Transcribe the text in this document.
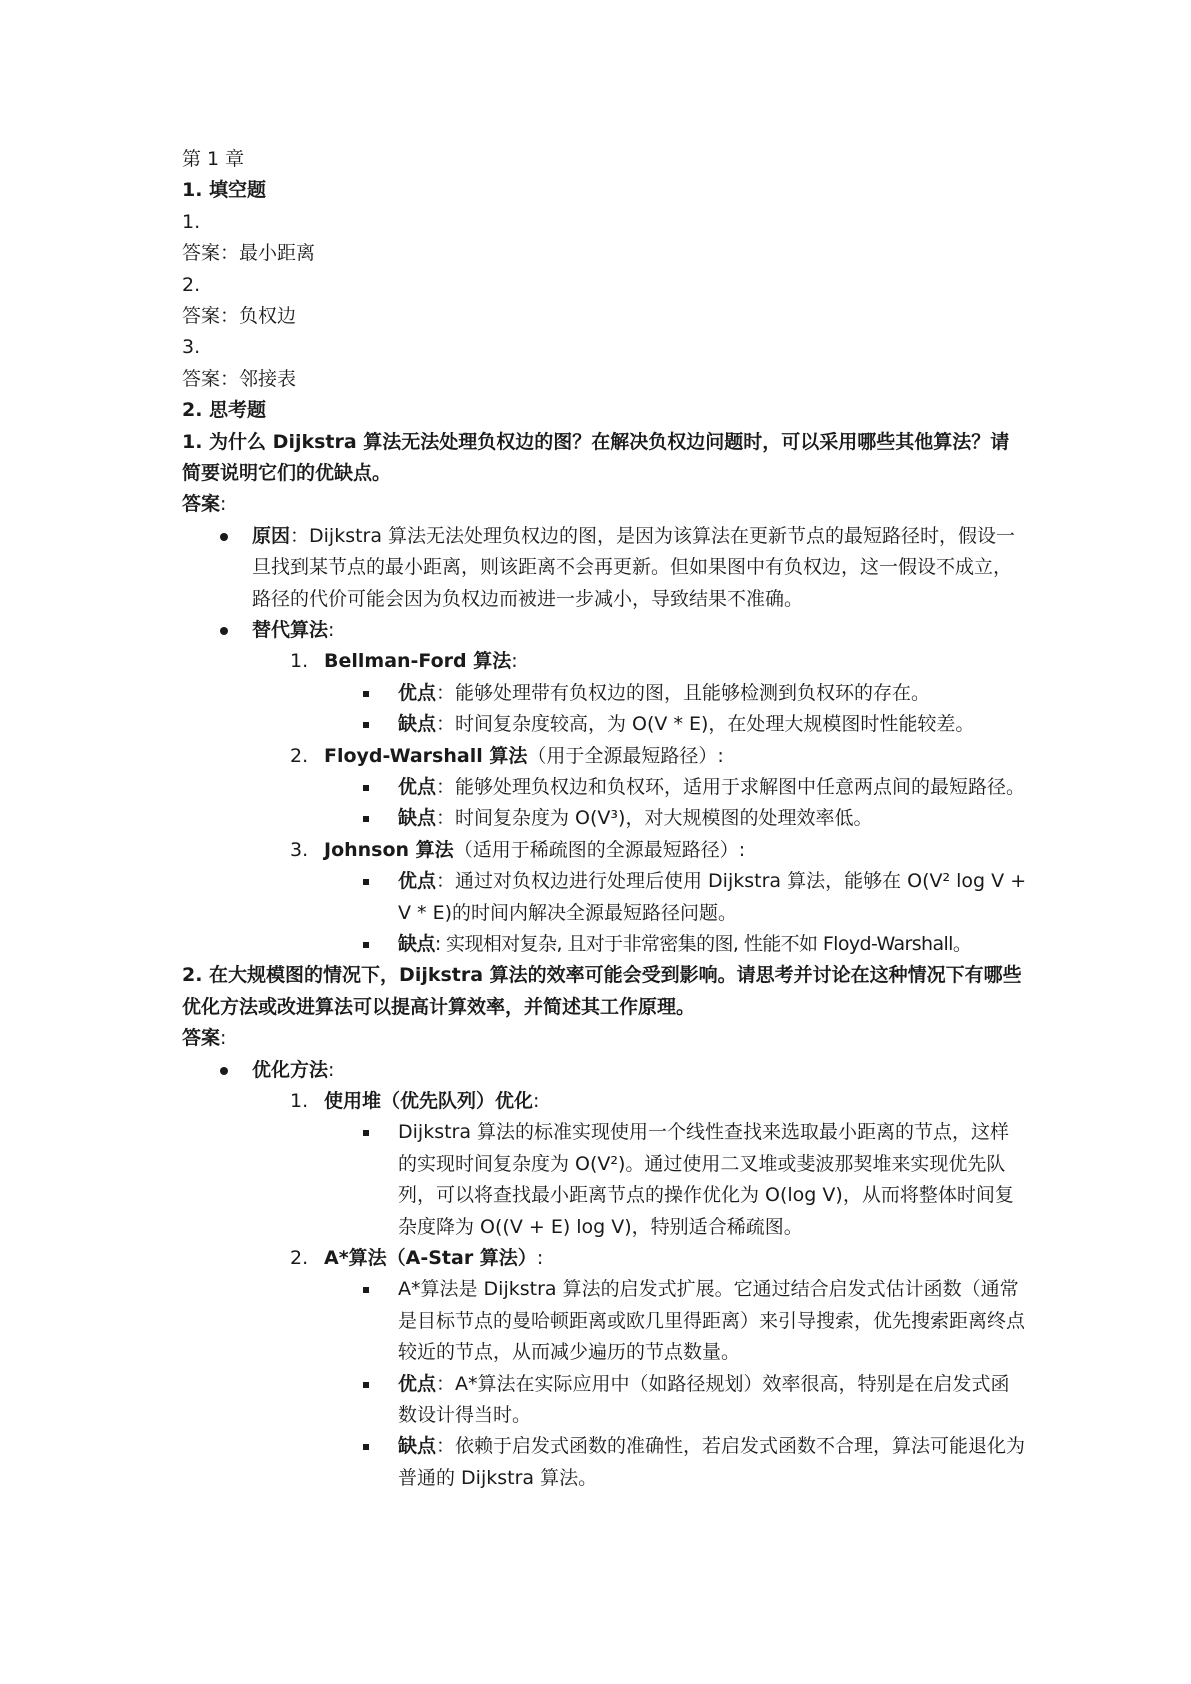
第 1 章
1. 填空题
1.
答案：最小距离
2.
答案：负权边
3.
答案：邻接表
2. 思考题
1. 为什么 Dijkstra 算法无法处理负权边的图？在解决负权边问题时，可以采用哪些其他算法？请简要说明它们的优缺点。
答案:
原因：Dijkstra 算法无法处理负权边的图，是因为该算法在更新节点的最短路径时，假设一旦找到某节点的最小距离，则该距离不会再更新。但如果图中有负权边，这一假设不成立，路径的代价可能会因为负权边而被进一步减小，导致结果不准确。
替代算法:
1. Bellman-Ford 算法:
优点：能够处理带有负权边的图，且能够检测到负权环的存在。
缺点：时间复杂度较高，为 O(V * E)，在处理大规模图时性能较差。
2. Floyd-Warshall 算法（用于全源最短路径）:
优点：能够处理负权边和负权环，适用于求解图中任意两点间的最短路径。
缺点：时间复杂度为 O(V³)，对大规模图的处理效率低。
3. Johnson 算法（适用于稀疏图的全源最短路径）:
优点：通过对负权边进行处理后使用 Dijkstra 算法，能够在 O(V² log V + V * E)的时间内解决全源最短路径问题。
缺点: 实现相对复杂, 且对于非常密集的图, 性能不如 Floyd-Warshall。
2. 在大规模图的情况下，Dijkstra 算法的效率可能会受到影响。请思考并讨论在这种情况下有哪些优化方法或改进算法可以提高计算效率，并简述其工作原理。
答案:
优化方法:
1. 使用堆（优先队列）优化:
Dijkstra 算法的标准实现使用一个线性查找来选取最小距离的节点，这样的实现时间复杂度为 O(V²)。通过使用二叉堆或斐波那契堆来实现优先队列，可以将查找最小距离节点的操作优化为 O(log V)，从而将整体时间复杂度降为 O((V + E) log V)，特别适合稀疏图。
2. A*算法（A-Star 算法）:
A*算法是 Dijkstra 算法的启发式扩展。它通过结合启发式估计函数（通常是目标节点的曼哈顿距离或欧几里得距离）来引导搜索，优先搜索距离终点较近的节点，从而减少遍历的节点数量。
优点：A*算法在实际应用中（如路径规划）效率很高，特别是在启发式函数设计得当时。
缺点：依赖于启发式函数的准确性，若启发式函数不合理，算法可能退化为普通的 Dijkstra 算法。
